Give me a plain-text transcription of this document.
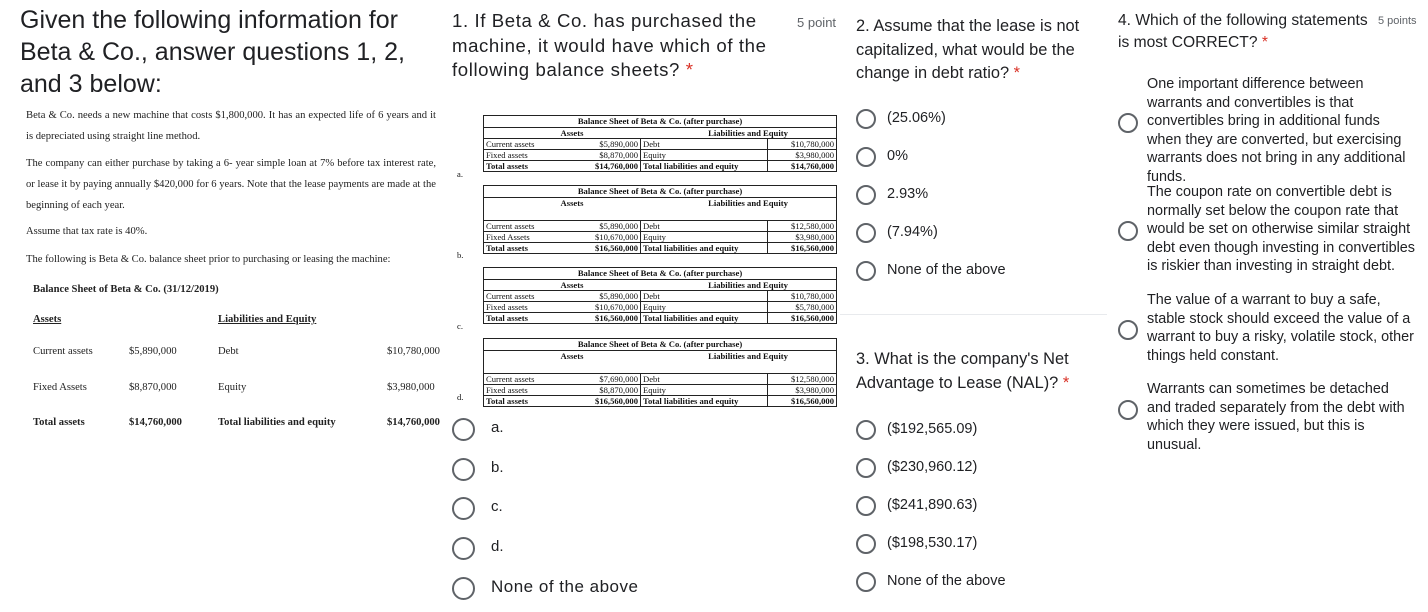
Given the following information for Beta & Co., answer questions 1, 2, and 3 below:
Beta & Co. needs a new machine that costs $1,800,000. It has an expected life of 6 years and it is depreciated using straight line method.
The company can either purchase by taking a 6- year simple loan at 7% before tax interest rate, or lease it by paying annually $420,000 for 6 years. Note that the lease payments are made at the beginning of each year.
Assume that tax rate is 40%.
The following is Beta & Co. balance sheet prior to purchasing or leasing the machine:
Balance Sheet of Beta & Co. (31/12/2019)
Assets	Liabilities and Equity
Current assets	$5,890,000	Debt	$10,780,000
Fixed Assets	$8,870,000	Equity	$3,980,000
Total assets	$14,760,000	Total liabilities and equity	$14,760,000
1. If Beta & Co. has purchased the machine, it would have which of the following balance sheets? *
5 point
Balance Sheet of Beta & Co. (after purchase)
Assets	Liabilities and Equity
Current assets	$5,890,000 Debt	$10,780,000
Fixed assets	$8,870,000 Equity	$3,980,000
Total assets	$14,760,000 Total liabilities and equity	$14,760,000
a.
Balance Sheet of Beta & Co. (after purchase)
Assets	Liabilities and Equity
Current assets	$5,890,000 Debt	$12,580,000
Fixed Assets	$10,670,000 Equity	$3,980,000
Total assets	$16,560,000 Total liabilities and equity	$16,560,000
b.
Balance Sheet of Beta & Co. (after purchase)
Assets	Liabilities and Equity
Current assets	$5,890,000 Debt	$10,780,000
Fixed assets	$10,670,000 Equity	$5,780,000
Total assets	$16,560,000 Total liabilities and equity	$16,560,000
c.
Balance Sheet of Beta & Co. (after purchase)
Assets	Liabilities and Equity
Current assets	$7,690,000 Debt	$12,580,000
Fixed assets	$8,870,000 Equity	$3,980,000
Total assets	$16,560,000 Total liabilities and equity	$16,560,000
d.
a.
b.
c.
d.
None of the above
2. Assume that the lease is not capitalized, what would be the change in debt ratio? *
(25.06%)
0%
2.93%
(7.94%)
None of the above
3. What is the company's Net Advantage to Lease (NAL)? *
($192,565.09)
($230,960.12)
($241,890.63)
($198,530.17)
None of the above
4. Which of the following statements is most CORRECT? *
5 points
One important difference between warrants and convertibles is that convertibles bring in additional funds when they are converted, but exercising warrants does not bring in any additional funds.
The coupon rate on convertible debt is normally set below the coupon rate that would be set on otherwise similar straight debt even though investing in convertibles is riskier than investing in straight debt.
The value of a warrant to buy a safe, stable stock should exceed the value of a warrant to buy a risky, volatile stock, other things held constant.
Warrants can sometimes be detached and traded separately from the debt with which they were issued, but this is unusual.
